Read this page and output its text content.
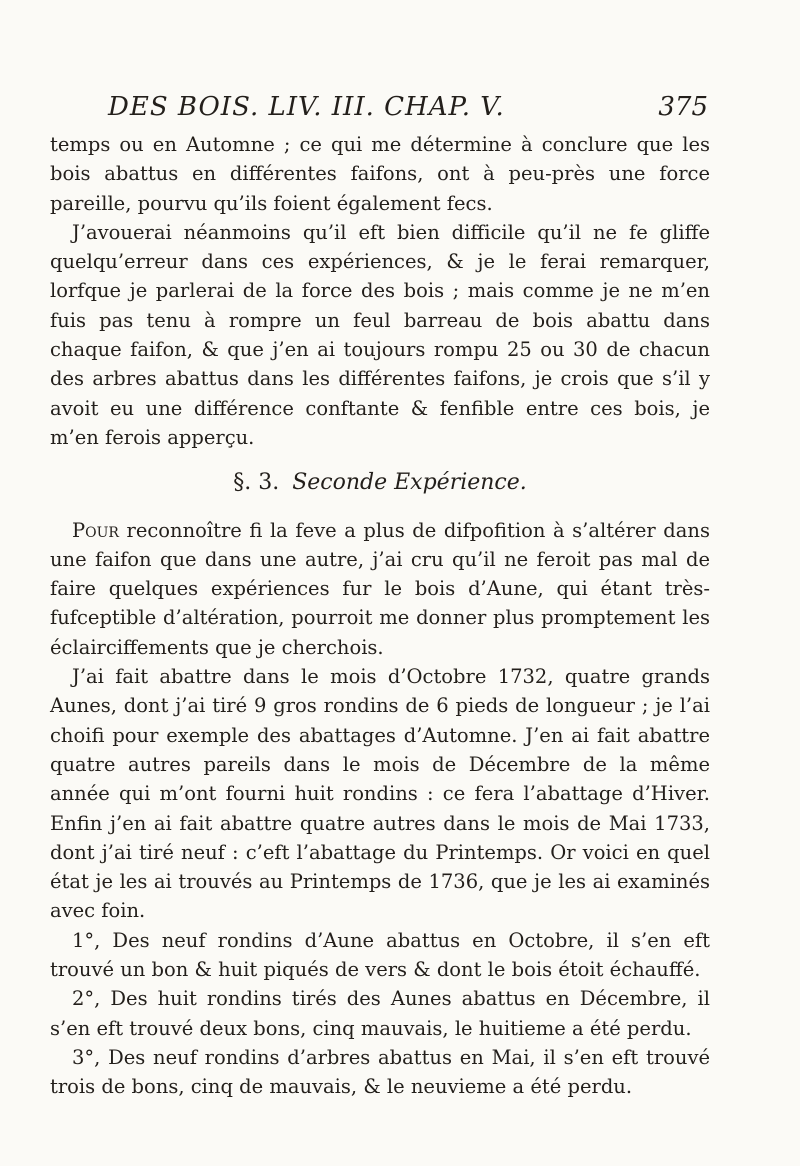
DES BOIS. LIV. III. CHAP. V.	375

temps ou en Automne ; ce qui me détermine à conclure que les bois abattus en différentes faifons, ont à peu-près une force pareille, pourvu qu’ils foient également fecs.

J’avouerai néanmoins qu’il eft bien difficile qu’il ne fe gliffe quelqu’erreur dans ces expériences, & je le ferai remarquer, lorfque je parlerai de la force des bois ; mais comme je ne m’en fuis pas tenu à rompre un feul barreau de bois abattu dans chaque faifon, & que j’en ai toujours rompu 25 ou 30 de chacun des arbres abattus dans les différentes faifons, je crois que s’il y avoit eu une différence conftante & fenfible entre ces bois, je m’en ferois apperçu.

§. 3. Seconde Expérience.

Pour reconnoître fi la feve a plus de difpofition à s’altérer dans une faifon que dans une autre, j’ai cru qu’il ne feroit pas mal de faire quelques expériences fur le bois d’Aune, qui étant très-fufceptible d’altération, pourroit me donner plus promptement les éclairciffements que je cherchois.

J’ai fait abattre dans le mois d’Octobre 1732, quatre grands Aunes, dont j’ai tiré 9 gros rondins de 6 pieds de longueur ; je l’ai choifi pour exemple des abattages d’Automne. J’en ai fait abattre quatre autres pareils dans le mois de Décembre de la même année qui m’ont fourni huit rondins : ce fera l’abattage d’Hiver. Enfin j’en ai fait abattre quatre autres dans le mois de Mai 1733, dont j’ai tiré neuf : c’eft l’abattage du Printemps. Or voici en quel état je les ai trouvés au Printemps de 1736, que je les ai examinés avec foin.

1°, Des neuf rondins d’Aune abattus en Octobre, il s’en eft trouvé un bon & huit piqués de vers & dont le bois étoit échauffé.

2°, Des huit rondins tirés des Aunes abattus en Décembre, il s’en eft trouvé deux bons, cinq mauvais, le huitieme a été perdu.

3°, Des neuf rondins d’arbres abattus en Mai, il s’en eft trouvé trois de bons, cinq de mauvais, & le neuvieme a été perdu.
